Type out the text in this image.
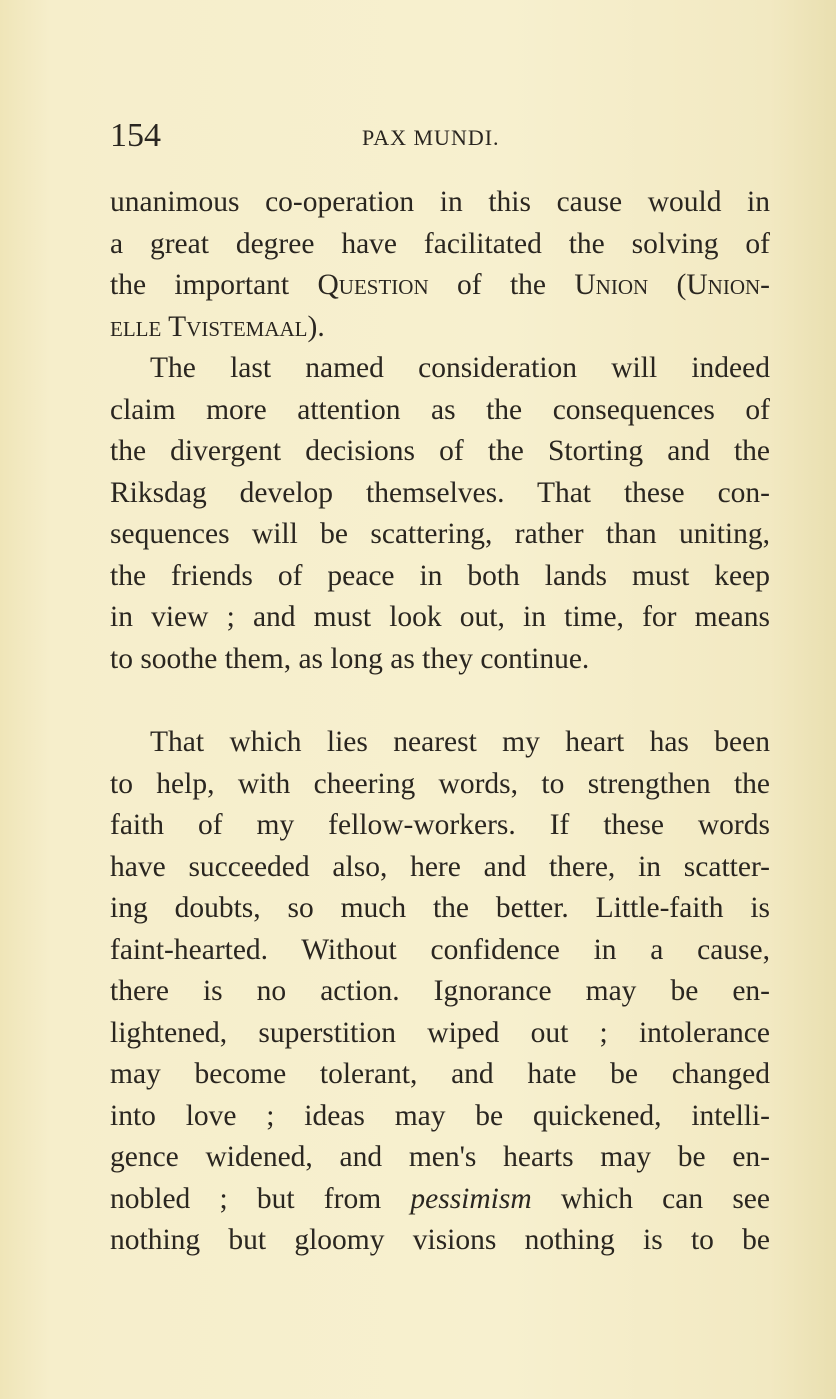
154	PAX MUNDI.
unanimous co-operation in this cause would in
a great degree have facilitated the solving of
the important Question of the Union (Union-
elle Tvistemaal).
The last named consideration will indeed
claim more attention as the consequences of
the divergent decisions of the Storting and the
Riksdag develop themselves. That these con-
sequences will be scattering, rather than uniting,
the friends of peace in both lands must keep
in view ; and must look out, in time, for means
to soothe them, as long as they continue.
That which lies nearest my heart has been
to help, with cheering words, to strengthen the
faith of my fellow-workers. If these words
have succeeded also, here and there, in scatter-
ing doubts, so much the better. Little-faith is
faint-hearted. Without confidence in a cause,
there is no action. Ignorance may be en-
lightened, superstition wiped out ; intolerance
may become tolerant, and hate be changed
into love ; ideas may be quickened, intelli-
gence widened, and men's hearts may be en-
nobled ; but from pessimism which can see
nothing but gloomy visions nothing is to be
